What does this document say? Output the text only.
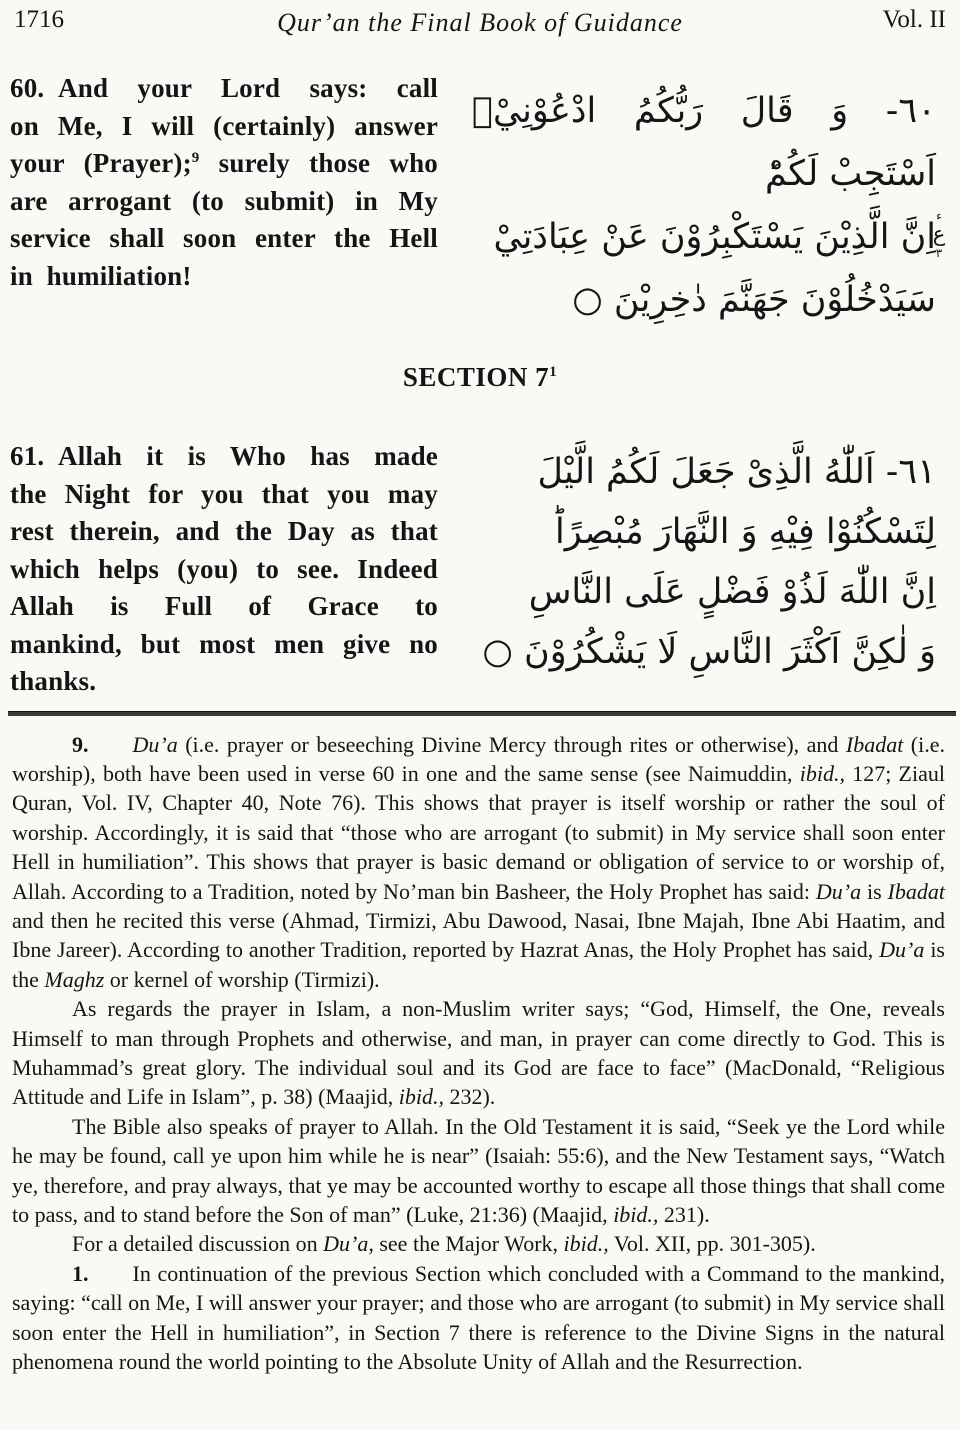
1716	Qur’an the Final Book of Guidance	Vol. II
60. And your Lord says: call
on Me, I will (certainly) answer
your (Prayer);$^9$ surely those who
are arrogant (to submit) in My
service shall soon enter the Hell
in humiliation!
٦٠- وَ قَالَ رَبُّكُمُ ادْعُوْنِيْۤ اَسْتَجِبْ لَكُمْؕ
اِنَّ الَّذِيْنَ يَسْتَكْبِرُوْنَ عَنْ عِبَادَتِيْ
سَيَدْخُلُوْنَ جَهَنَّمَ دٰخِرِيْنَ ○
ء
ع
٣
SECTION $7^1$
61. Allah it is Who has made
the Night for you that you may
rest therein, and the Day as that
which helps (you) to see. Indeed
Allah is Full of Grace to
mankind, but most men give no
thanks.
٦١- اَللّٰهُ الَّذِىْ جَعَلَ لَكُمُ الَّيْلَ
لِتَسْكُنُوْا فِيْهِ وَ النَّهَارَ مُبْصِرًاؕ
اِنَّ اللّٰهَ لَذُوْ فَضْلٍ عَلَى النَّاسِ
وَ لٰكِنَّ اَكْثَرَ النَّاسِ لَا يَشْكُرُوْنَ ○
9. Du’a (i.e. prayer or beseeching Divine Mercy through rites or otherwise), and Ibadat (i.e. worship), both have been used in verse 60 in one and the same sense (see Naimuddin, ibid., 127; Ziaul Quran, Vol. IV, Chapter 40, Note 76). This shows that prayer is itself worship or rather the soul of worship. Accordingly, it is said that “those who are arrogant (to submit) in My service shall soon enter Hell in humiliation”. This shows that prayer is basic demand or obligation of service to or worship of, Allah. According to a Tradition, noted by No’man bin Basheer, the Holy Prophet has said: Du’a is Ibadat and then he recited this verse (Ahmad, Tirmizi, Abu Dawood, Nasai, Ibne Majah, Ibne Abi Haatim, and Ibne Jareer). According to another Tradition, reported by Hazrat Anas, the Holy Prophet has said, Du’a is the Maghz or kernel of worship (Tirmizi).
As regards the prayer in Islam, a non-Muslim writer says; “God, Himself, the One, reveals Himself to man through Prophets and otherwise, and man, in prayer can come directly to God. This is Muhammad’s great glory. The individual soul and its God are face to face” (MacDonald, “Religious Attitude and Life in Islam”, p. 38) (Maajid, ibid., 232).
The Bible also speaks of prayer to Allah. In the Old Testament it is said, “Seek ye the Lord while he may be found, call ye upon him while he is near” (Isaiah: 55:6), and the New Testament says, “Watch ye, therefore, and pray always, that ye may be accounted worthy to escape all those things that shall come to pass, and to stand before the Son of man” (Luke, 21:36) (Maajid, ibid., 231).
For a detailed discussion on Du’a, see the Major Work, ibid., Vol. XII, pp. 301-305).
1. In continuation of the previous Section which concluded with a Command to the mankind, saying: “call on Me, I will answer your prayer; and those who are arrogant (to submit) in My service shall soon enter the Hell in humiliation”, in Section 7 there is reference to the Divine Signs in the natural phenomena round the world pointing to the Absolute Unity of Allah and the Resurrection.
